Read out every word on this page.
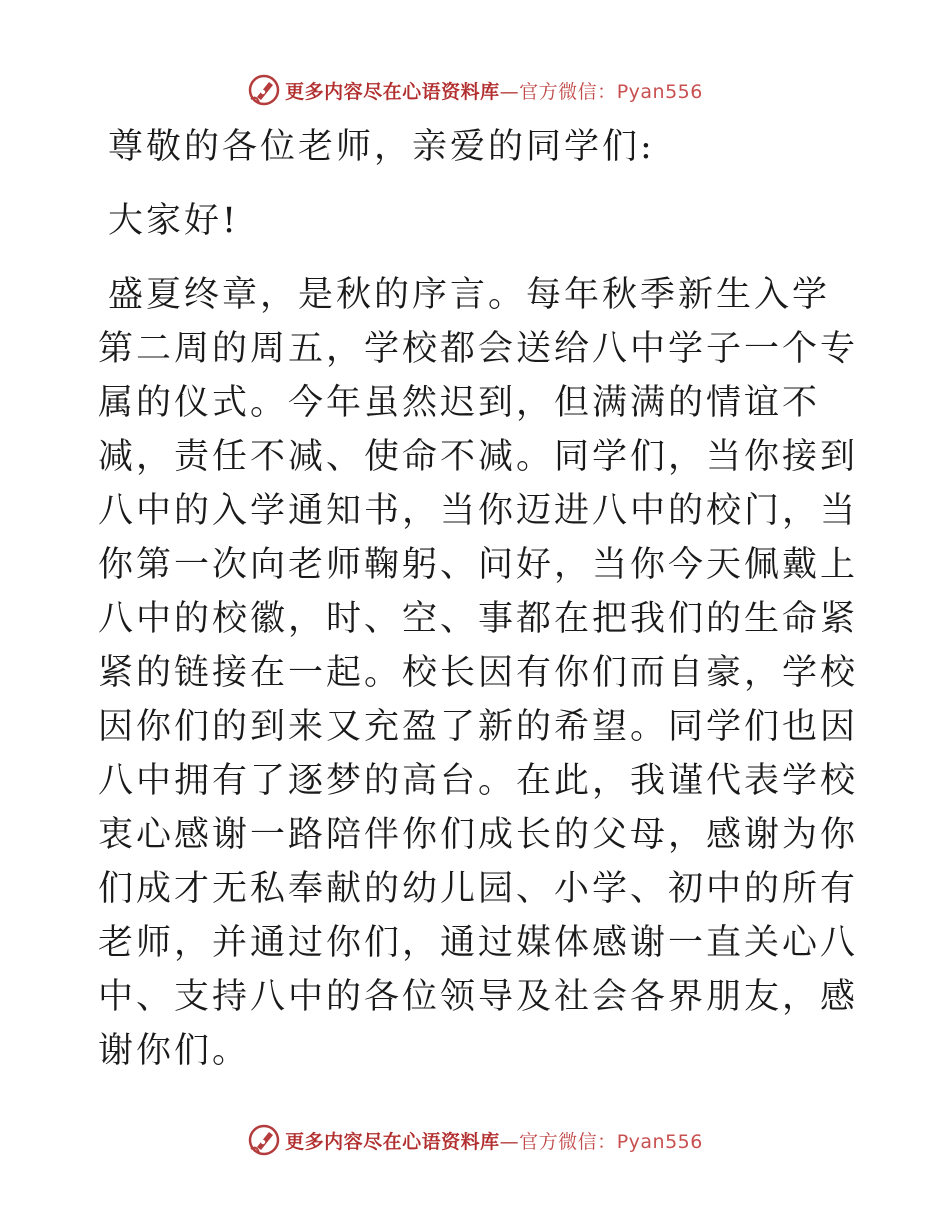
更多内容尽在心语资料库—官方微信：Pyan556

尊敬的各位老师，亲爱的同学们:

大家好!

盛夏终章，是秋的序言。每年秋季新生入学第二周的周五，学校都会送给八中学子一个专属的仪式。今年虽然迟到，但满满的情谊不减，责任不减、使命不减。同学们，当你接到八中的入学通知书，当你迈进八中的校门，当你第一次向老师鞠躬、问好，当你今天佩戴上八中的校徽，时、空、事都在把我们的生命紧紧的链接在一起。校长因有你们而自豪，学校因你们的到来又充盈了新的希望。同学们也因八中拥有了逐梦的高台。在此，我谨代表学校衷心感谢一路陪伴你们成长的父母，感谢为你们成才无私奉献的幼儿园、小学、初中的所有老师，并通过你们，通过媒体感谢一直关心八中、支持八中的各位领导及社会各界朋友，感谢你们。

更多内容尽在心语资料库—官方微信：Pyan556
